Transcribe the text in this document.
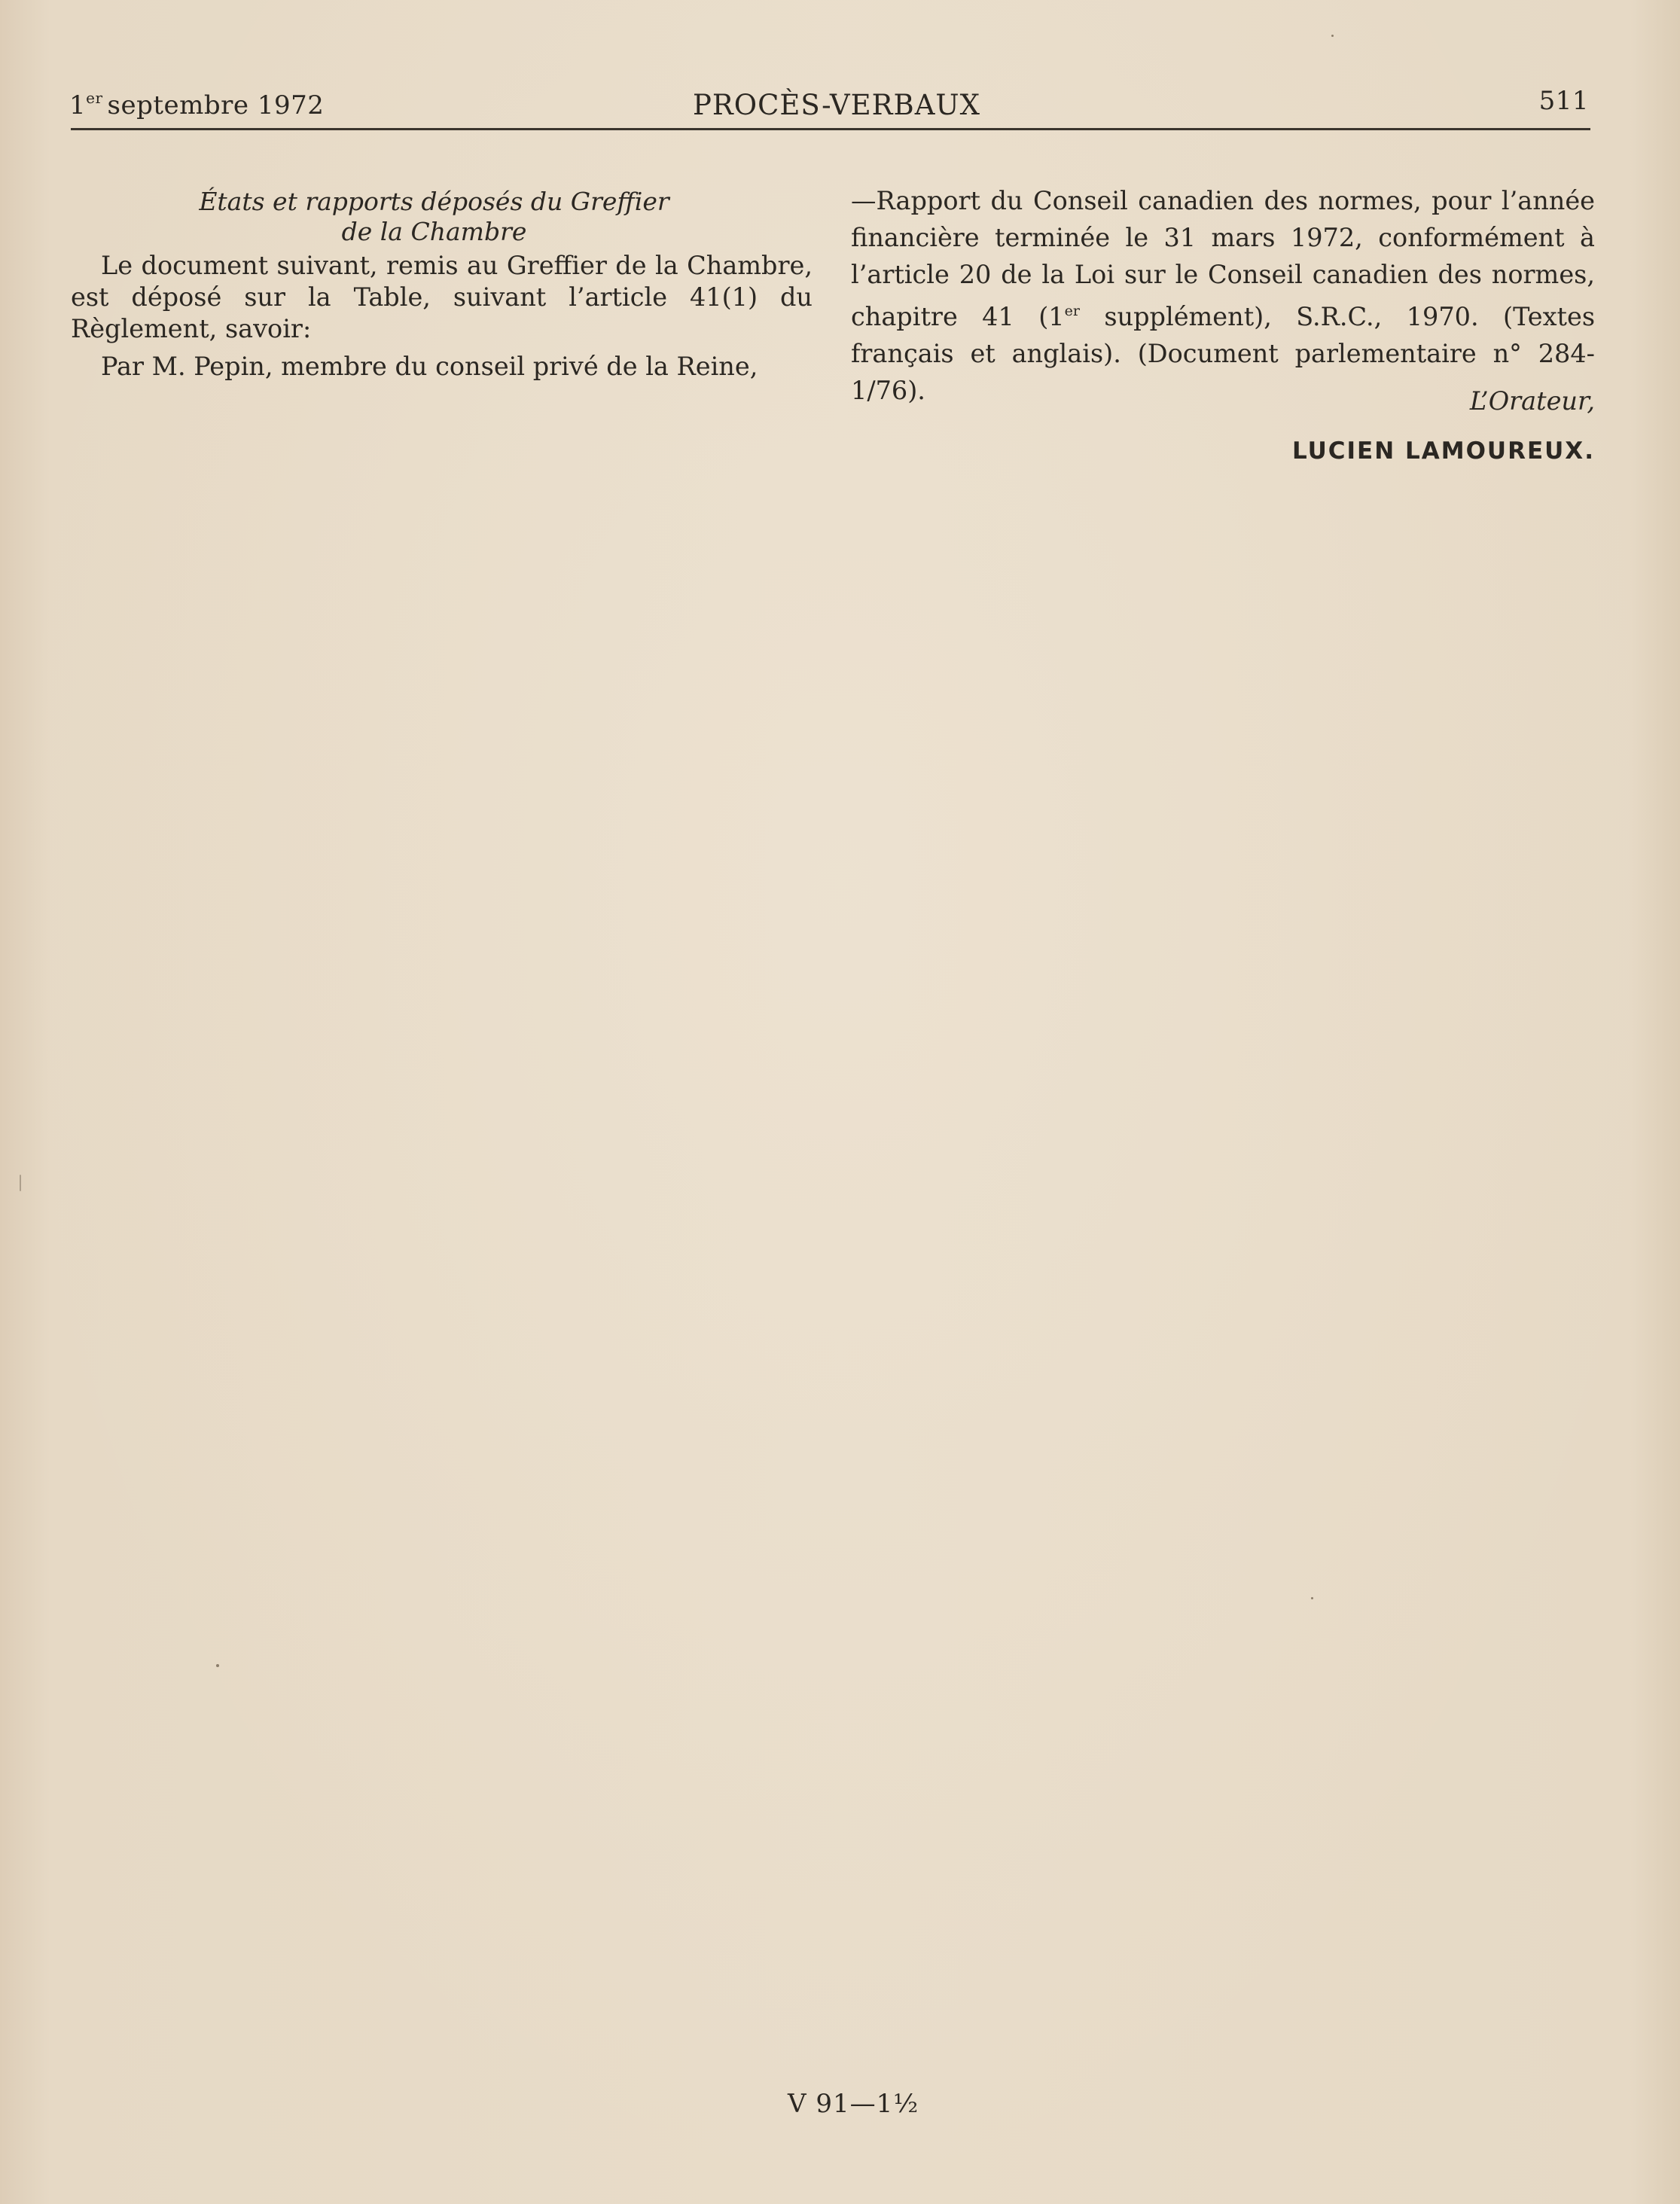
1er septembre 1972	PROCÈS-VERBAUX	511
États et rapports déposés du Greffier
de la Chambre

Le document suivant, remis au Greffier de la Chambre, est déposé sur la Table, suivant l’article 41(1) du Règlement, savoir:

Par M. Pepin, membre du conseil privé de la Reine,

—Rapport du Conseil canadien des normes, pour l’année financière terminée le 31 mars 1972, conformément à l’article 20 de la Loi sur le Conseil canadien des normes, chapitre 41 (1er supplément), S.R.C., 1970. (Textes français et anglais). (Document parlementaire n° 284-1/76).	L’Orateur,
LUCIEN LAMOUREUX.
V 91—1½
